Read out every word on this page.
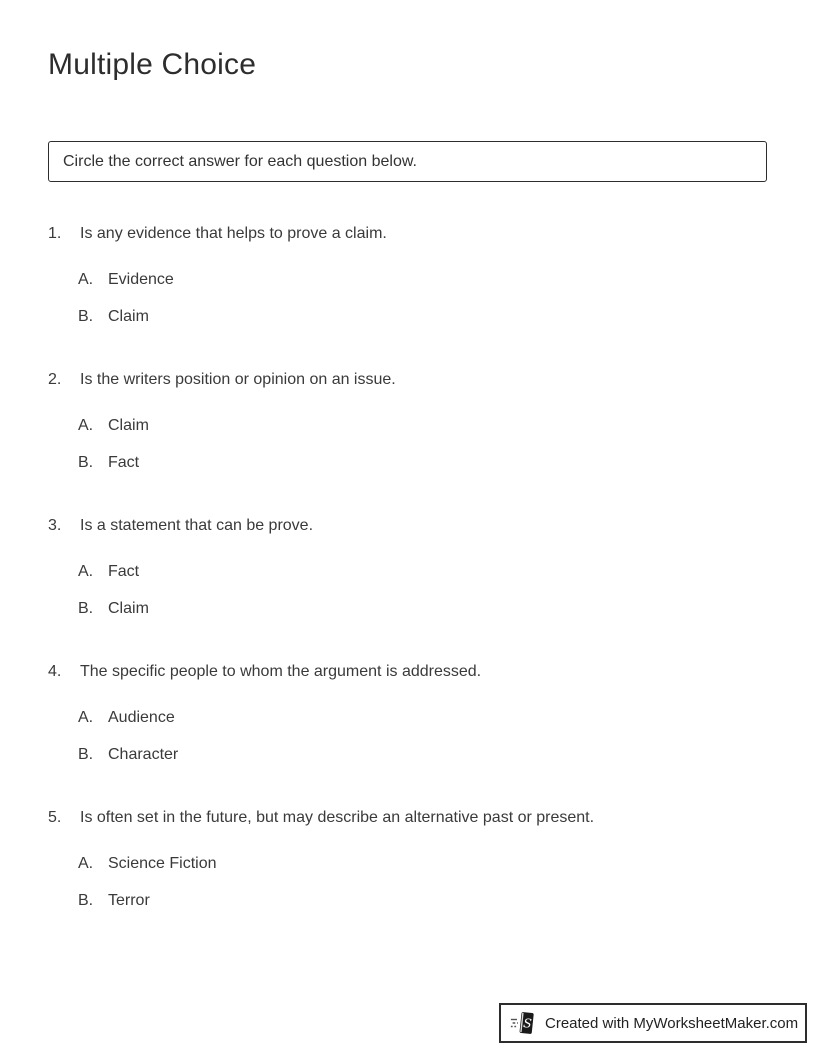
Multiple Choice
Circle the correct answer for each question below.
1.	Is any evidence that helps to prove a claim.
A. Evidence
B. Claim
2.	Is the writers position or opinion on an issue.
A. Claim
B. Fact
3.	Is a statement that can be prove.
A. Fact
B. Claim
4.	The specific people to whom the argument is addressed.
A. Audience
B. Character
5.	Is often set in the future, but may describe an alternative past or present.
A. Science Fiction
B. Terror
S Created with MyWorksheetMaker.com
